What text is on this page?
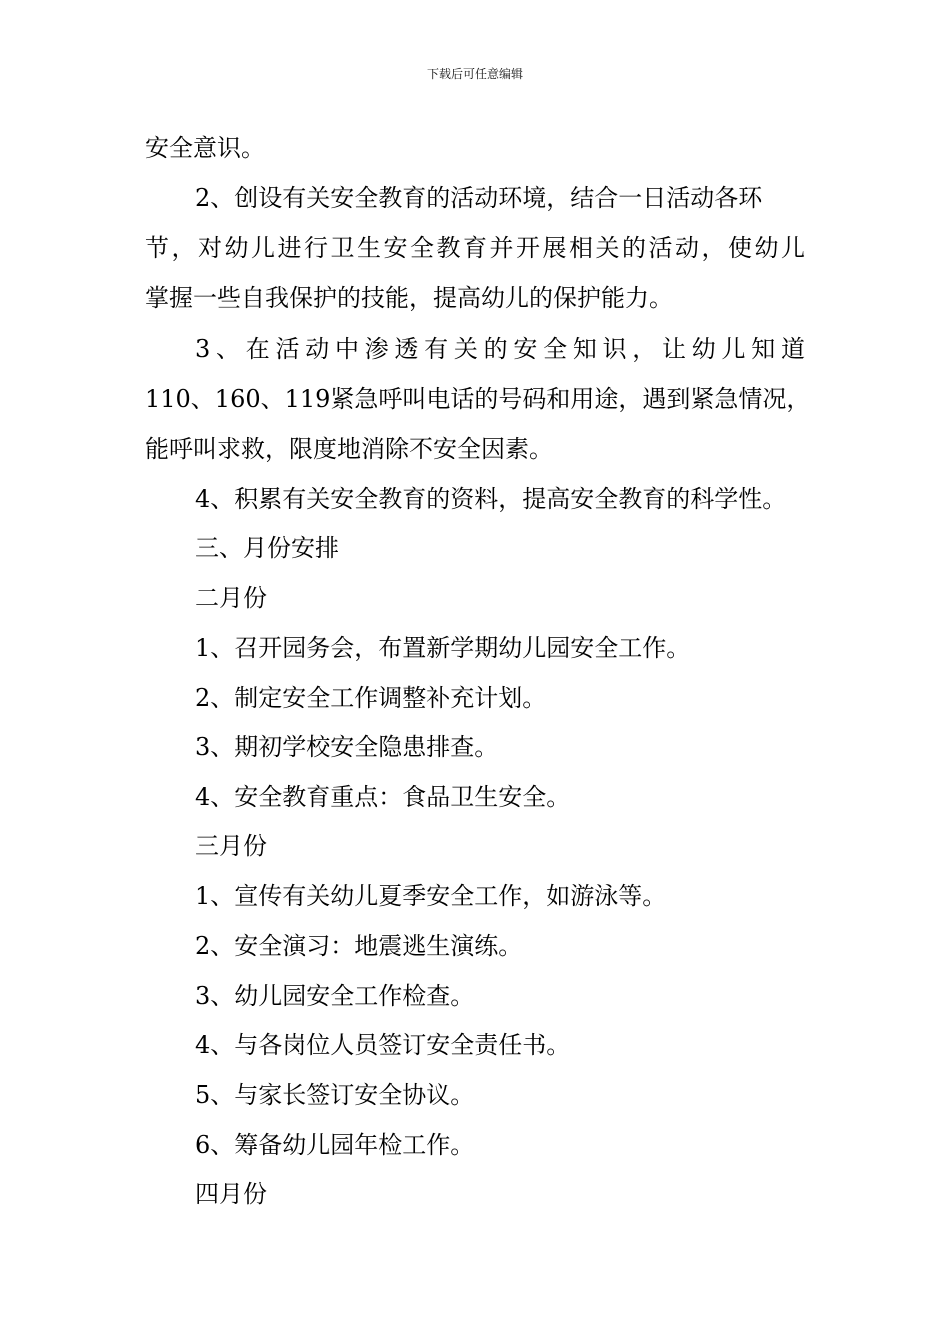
下载后可任意编辑
安全意识。
2、创设有关安全教育的活动环境，结合一日活动各环
节，对幼儿进行卫生安全教育并开展相关的活动，使幼儿
掌握一些自我保护的技能，提高幼儿的保护能力。
3、在活动中渗透有关的安全知识，让幼儿知道
110、160、119紧急呼叫电话的号码和用途，遇到紧急情况，
能呼叫求救，限度地消除不安全因素。
4、积累有关安全教育的资料，提高安全教育的科学性。
三、月份安排
二月份
1、召开园务会，布置新学期幼儿园安全工作。
2、制定安全工作调整补充计划。
3、期初学校安全隐患排查。
4、安全教育重点：食品卫生安全。
三月份
1、宣传有关幼儿夏季安全工作，如游泳等。
2、安全演习：地震逃生演练。
3、幼儿园安全工作检查。
4、与各岗位人员签订安全责任书。
5、与家长签订安全协议。
6、筹备幼儿园年检工作。
四月份
